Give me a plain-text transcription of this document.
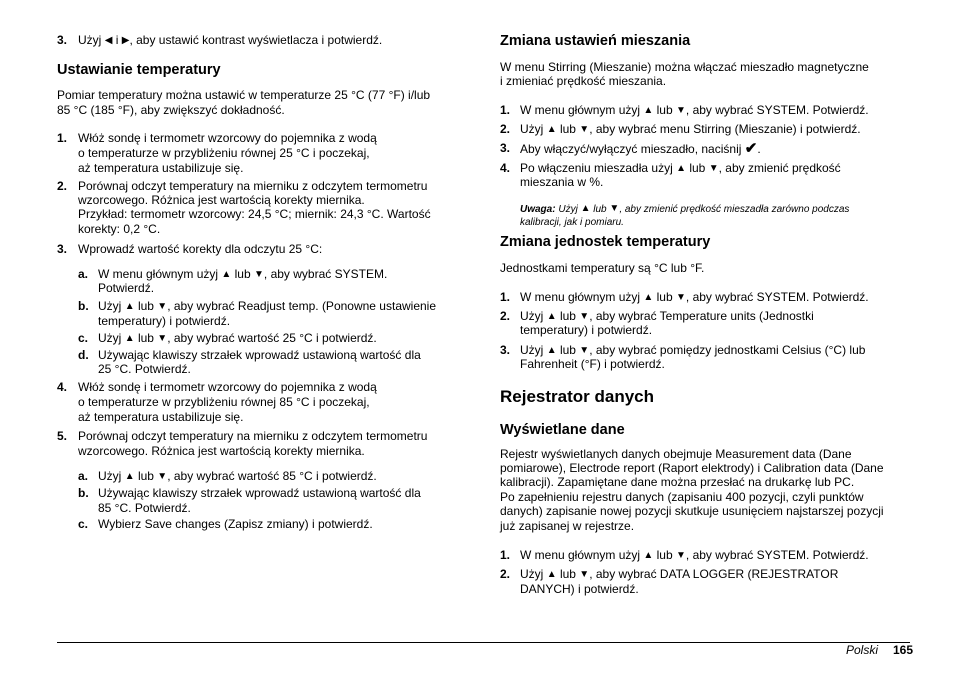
3. Użyj ◀ i ▶, aby ustawić kontrast wyświetlacza i potwierdź.

Ustawianie temperatury

Pomiar temperatury można ustawić w temperaturze 25 °C (77 °F) i/lub

85 °C (185 °F), aby zwiększyć dokładność.

1. Włóż sondę i termometr wzorcowy do pojemnika z wodą

o temperaturze w przybliżeniu równej 25 °C i poczekaj,

aż temperatura ustabilizuje się.

2. Porównaj odczyt temperatury na mierniku z odczytem termometru

wzorcowego. Różnica jest wartością korekty miernika.

Przykład: termometr wzorcowy: 24,5 °C; miernik: 24,3 °C. Wartość

korekty: 0,2 °C.

3. Wprowadź wartość korekty dla odczytu 25 °C:

a. W menu głównym użyj ▲ lub ▼, aby wybrać SYSTEM.

Potwierdź.

b. Użyj ▲ lub ▼, aby wybrać Readjust temp. (Ponowne ustawienie

temperatury) i potwierdź.

c. Użyj ▲ lub ▼, aby wybrać wartość 25 °C i potwierdź.

d. Używając klawiszy strzałek wprowadź ustawioną wartość dla

25 °C. Potwierdź.

4. Włóż sondę i termometr wzorcowy do pojemnika z wodą

o temperaturze w przybliżeniu równej 85 °C i poczekaj,

aż temperatura ustabilizuje się.

5. Porównaj odczyt temperatury na mierniku z odczytem termometru

wzorcowego. Różnica jest wartością korekty miernika.

a. Użyj ▲ lub ▼, aby wybrać wartość 85 °C i potwierdź.

b. Używając klawiszy strzałek wprowadź ustawioną wartość dla

85 °C. Potwierdź.

c. Wybierz Save changes (Zapisz zmiany) i potwierdź.

Zmiana ustawień mieszania

W menu Stirring (Mieszanie) można włączać mieszadło magnetyczne

i zmieniać prędkość mieszania.

1. W menu głównym użyj ▲ lub ▼, aby wybrać SYSTEM. Potwierdź.

2. Użyj ▲ lub ▼, aby wybrać menu Stirring (Mieszanie) i potwierdź.

3. Aby włączyć/wyłączyć mieszadło, naciśnij ✔.

4. Po włączeniu mieszadła użyj ▲ lub ▼, aby zmienić prędkość

mieszania w %.

Uwaga: Użyj ▲ lub ▼, aby zmienić prędkość mieszadła zarówno podczas

kalibracji, jak i pomiaru.

Zmiana jednostek temperatury

Jednostkami temperatury są °C lub °F.

1. W menu głównym użyj ▲ lub ▼, aby wybrać SYSTEM. Potwierdź.

2. Użyj ▲ lub ▼, aby wybrać Temperature units (Jednostki

temperatury) i potwierdź.

3. Użyj ▲ lub ▼, aby wybrać pomiędzy jednostkami Celsius (°C) lub

Fahrenheit (°F) i potwierdź.

Rejestrator danych
Wyświetlane dane

Rejestr wyświetlanych danych obejmuje Measurement data (Dane

pomiarowe), Electrode report (Raport elektrody) i Calibration data (Dane

kalibracji). Zapamiętane dane można przesłać na drukarkę lub PC.

Po zapełnieniu rejestru danych (zapisaniu 400 pozycji, czyli punktów

danych) zapisanie nowej pozycji skutkuje usunięciem najstarszej pozycji

już zapisanej w rejestrze.

1. W menu głównym użyj ▲ lub ▼, aby wybrać SYSTEM. Potwierdź.

2. Użyj ▲ lub ▼, aby wybrać DATA LOGGER (REJESTRATOR

DANYCH) i potwierdź.

Polski 165
